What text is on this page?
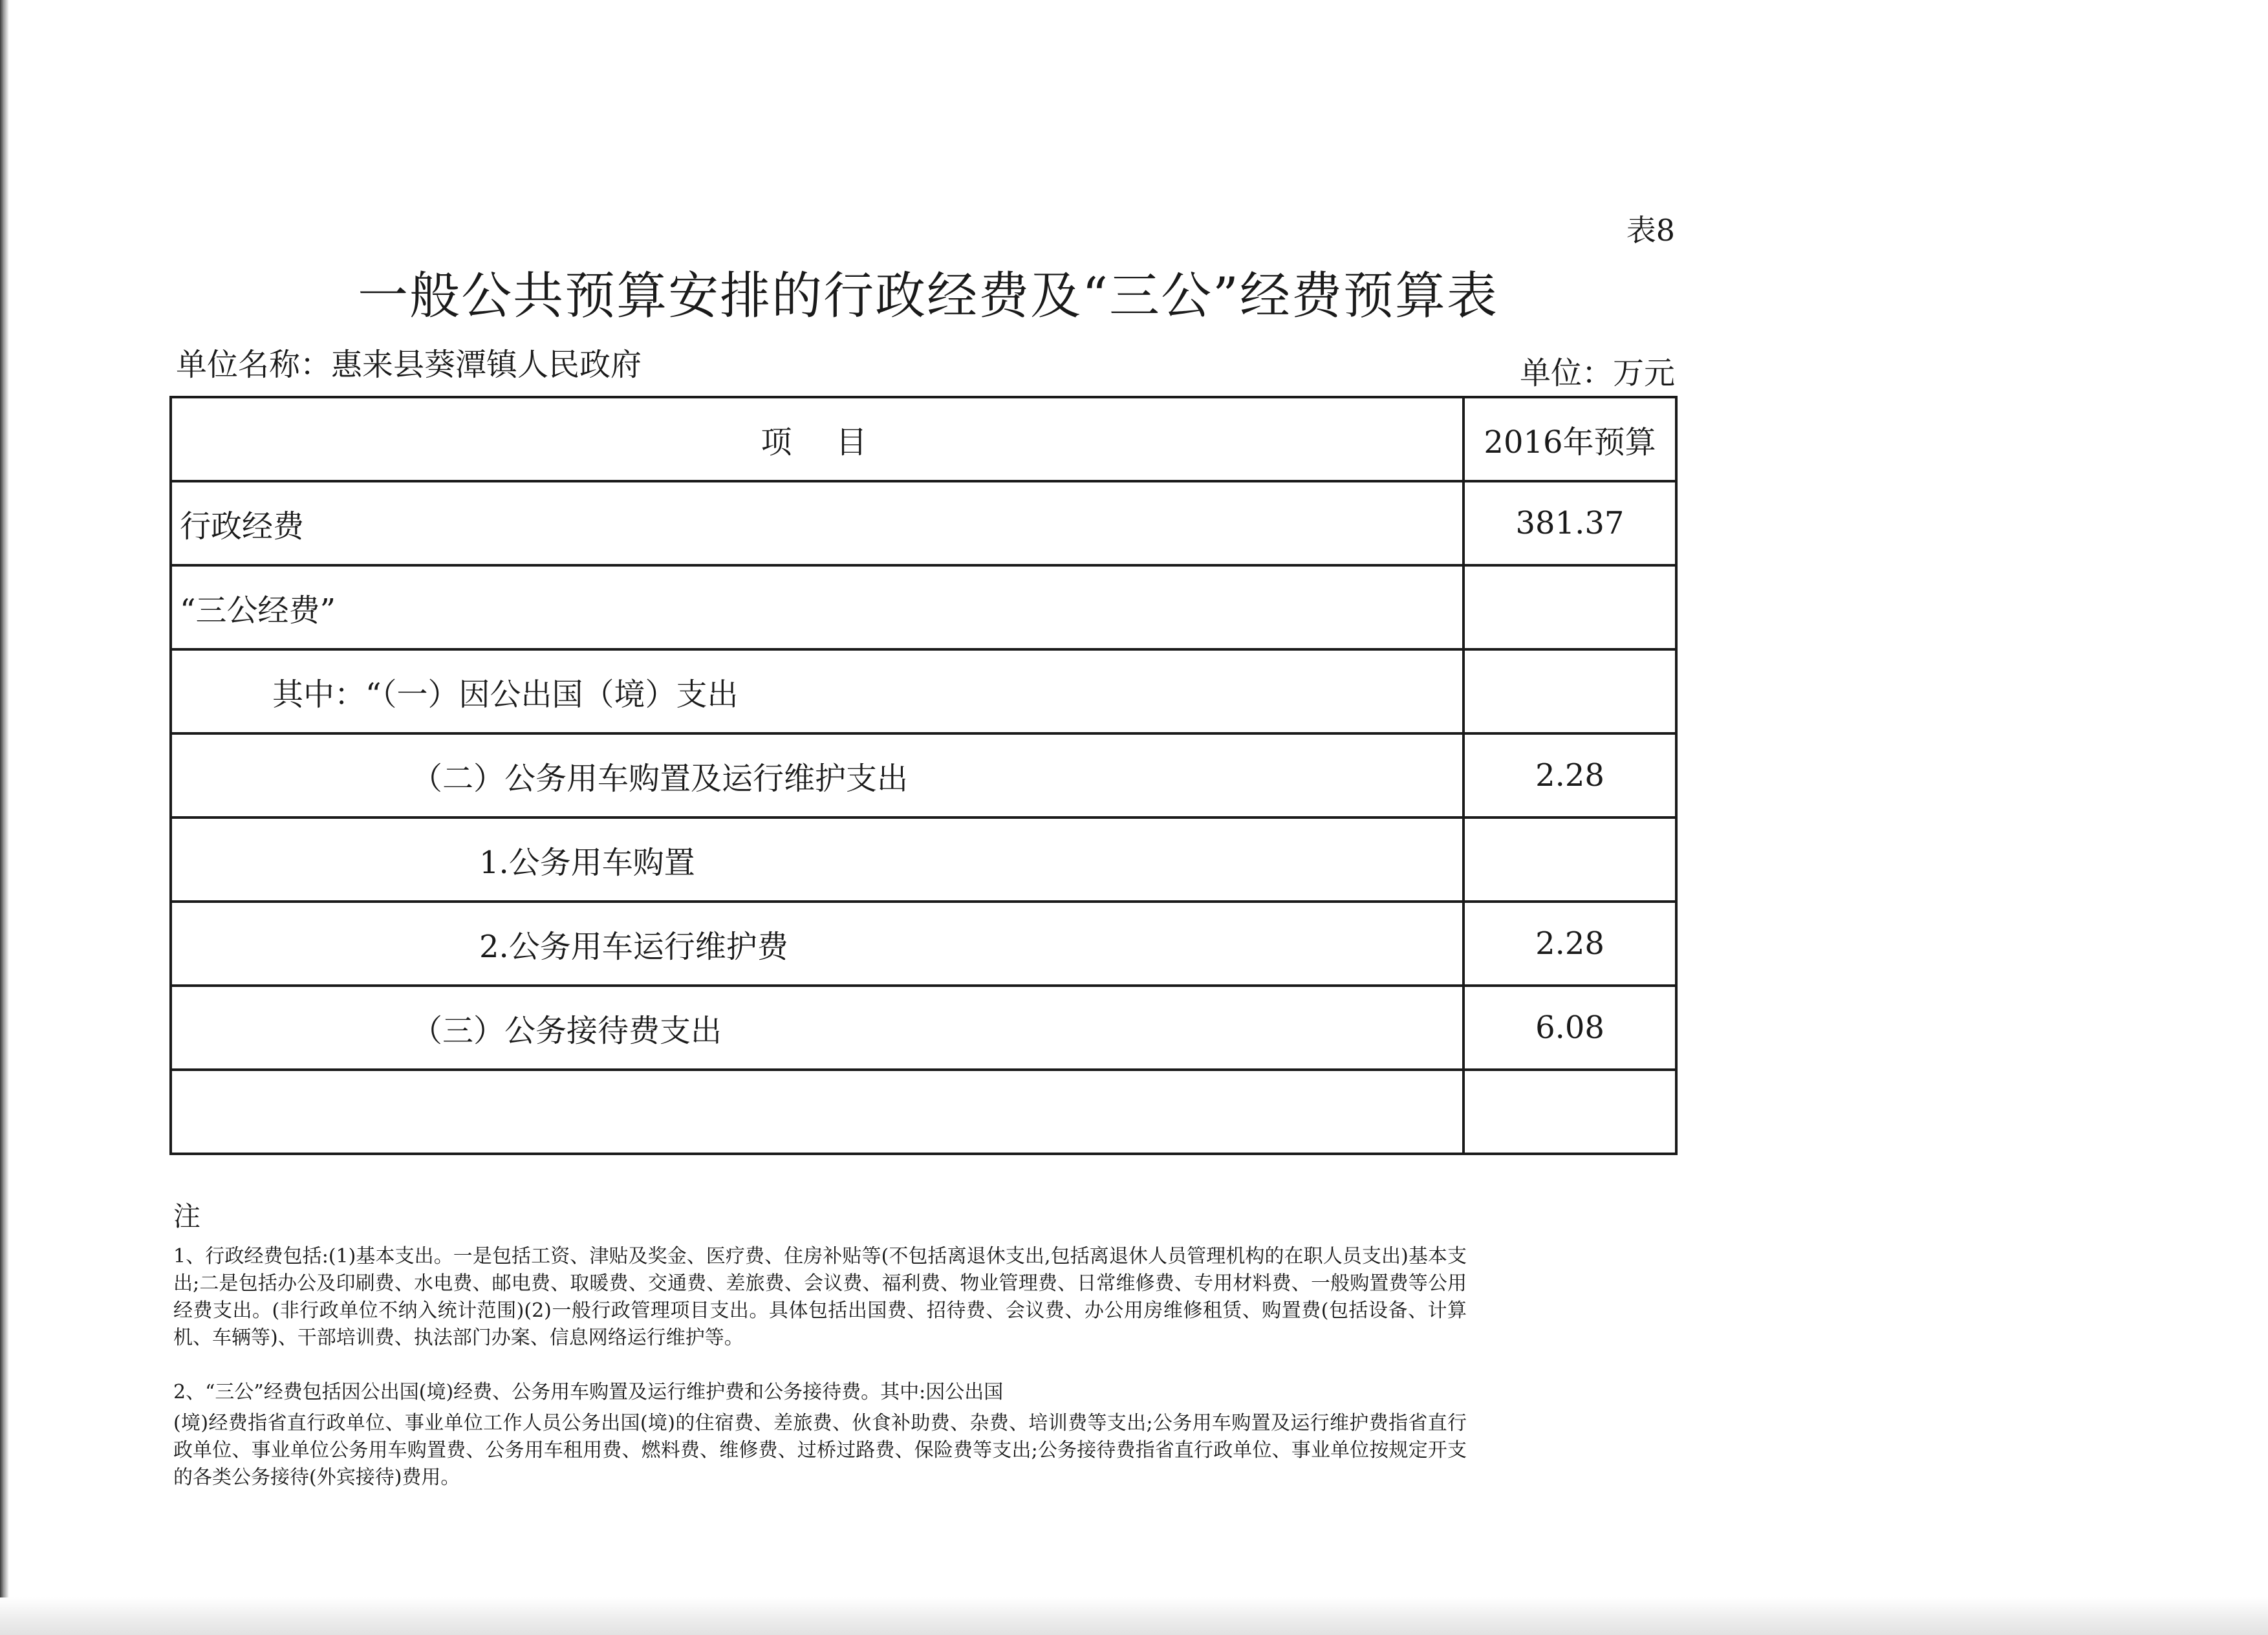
表8
一般公共预算安排的行政经费及“三公”经费预算表
单位名称：惠来县葵潭镇人民政府	单位：万元
项　目	2016年预算
行政经费	381.37
“三公经费”	
其中：“（一）因公出国（境）支出	
（二）公务用车购置及运行维护支出	2.28
1.公务用车购置	
2.公务用车运行维护费	2.28
（三）公务接待费支出	6.08

注
1、行政经费包括:(1)基本支出。一是包括工资、津贴及奖金、医疗费、住房补贴等(不包括离退休支出,包括离退休人员管理机构的在职人员支出)基本支出;二是包括办公及印刷费、水电费、邮电费、取暖费、交通费、差旅费、会议费、福利费、物业管理费、日常维修费、专用材料费、一般购置费等公用经费支出。(非行政单位不纳入统计范围)(2)一般行政管理项目支出。具体包括出国费、招待费、会议费、办公用房维修租赁、购置费(包括设备、计算机、车辆等)、干部培训费、执法部门办案、信息网络运行维护等。
2、“三公”经费包括因公出国(境)经费、公务用车购置及运行维护费和公务接待费。其中:因公出国
(境)经费指省直行政单位、事业单位工作人员公务出国(境)的住宿费、差旅费、伙食补助费、杂费、培训费等支出;公务用车购置及运行维护费指省直行政单位、事业单位公务用车购置费、公务用车租用费、燃料费、维修费、过桥过路费、保险费等支出;公务接待费指省直行政单位、事业单位按规定开支的各类公务接待(外宾接待)费用。
